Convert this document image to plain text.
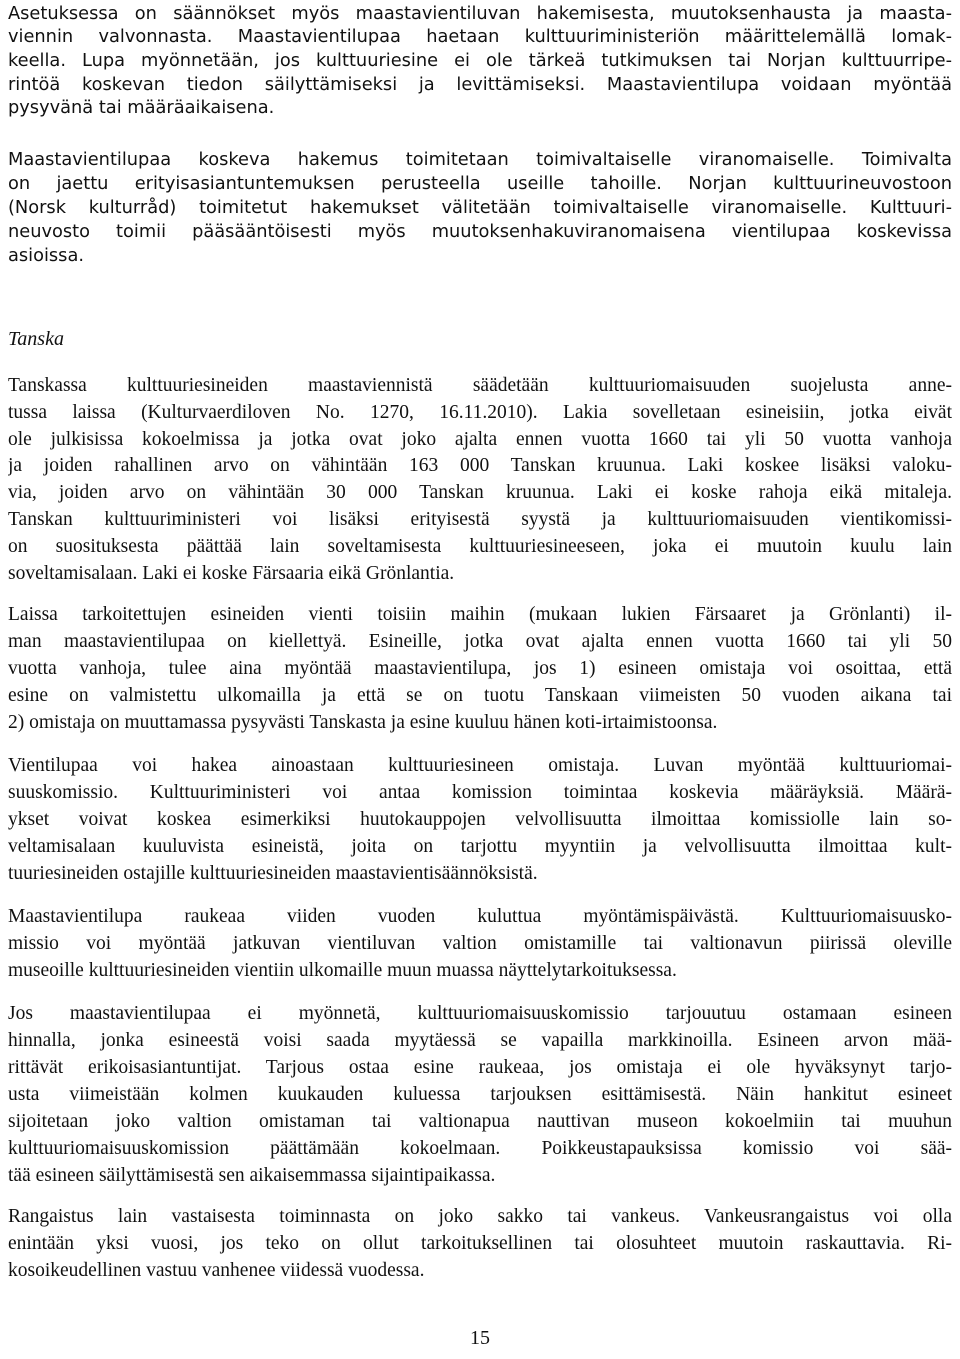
Asetuksessa on säännökset myös maastavientiluvan hakemisesta, muutoksenhausta ja maasta-
viennin valvonnasta. Maastavientilupaa haetaan kulttuuriministeriön määrittelemällä lomak-
keella. Lupa myönnetään, jos kulttuuriesine ei ole tärkeä tutkimuksen tai Norjan kulttuurripe-
rintöä koskevan tiedon säilyttämiseksi ja levittämiseksi. Maastavientilupa voidaan myöntää
pysyvänä tai määräaikaisena.
Maastavientilupaa koskeva hakemus toimitetaan toimivaltaiselle viranomaiselle. Toimivalta
on jaettu erityisasiantuntemuksen perusteella useille tahoille. Norjan kulttuurineuvostoon
(Norsk kulturråd) toimitetut hakemukset välitetään toimivaltaiselle viranomaiselle. Kulttuuri-
neuvosto toimii pääsääntöisesti myös muutoksenhakuviranomaisena vientilupaa koskevissa
asioissa.
Tanska
Tanskassa kulttuuriesineiden maastaviennistä säädetään kulttuuriomaisuuden suojelusta anne-
tussa laissa (Kulturvaerdiloven No. 1270, 16.11.2010). Lakia sovelletaan esineisiin, jotka eivät
ole julkisissa kokoelmissa ja jotka ovat joko ajalta ennen vuotta 1660 tai yli 50 vuotta vanhoja
ja joiden rahallinen arvo on vähintään 163 000 Tanskan kruunua. Laki koskee lisäksi valoku-
via, joiden arvo on vähintään 30 000 Tanskan kruunua. Laki ei koske rahoja eikä mitaleja.
Tanskan kulttuuriministeri voi lisäksi erityisestä syystä ja kulttuuriomaisuuden vientikomissi-
on suosituksesta päättää lain soveltamisesta kulttuuriesineeseen, joka ei muutoin kuulu lain
soveltamisalaan. Laki ei koske Färsaaria eikä Grönlantia.
Laissa tarkoitettujen esineiden vienti toisiin maihin (mukaan lukien Färsaaret ja Grönlanti) il-
man maastavientilupaa on kiellettyä. Esineille, jotka ovat ajalta ennen vuotta 1660 tai yli 50
vuotta vanhoja, tulee aina myöntää maastavientilupa, jos 1) esineen omistaja voi osoittaa, että
esine on valmistettu ulkomailla ja että se on tuotu Tanskaan viimeisten 50 vuoden aikana tai
2) omistaja on muuttamassa pysyvästi Tanskasta ja esine kuuluu hänen koti-irtaimistoonsa.
Vientilupaa voi hakea ainoastaan kulttuuriesineen omistaja. Luvan myöntää kulttuuriomai-
suuskomissio. Kulttuuriministeri voi antaa komission toimintaa koskevia määräyksiä. Määrä-
ykset voivat koskea esimerkiksi huutokauppojen velvollisuutta ilmoittaa komissiolle lain so-
veltamisalaan kuuluvista esineistä, joita on tarjottu myyntiin ja velvollisuutta ilmoittaa kult-
tuuriesineiden ostajille kulttuuriesineiden maastavientisäännöksistä.
Maastavientilupa raukeaa viiden vuoden kuluttua myöntämispäivästä. Kulttuuriomaisuusko-
missio voi myöntää jatkuvan vientiluvan valtion omistamille tai valtionavun piirissä oleville
museoille kulttuuriesineiden vientiin ulkomaille muun muassa näyttelytarkoituksessa.
Jos maastavientilupaa ei myönnetä, kulttuuriomaisuuskomissio tarjouutuu ostamaan esineen
hinnalla, jonka esineestä voisi saada myytäessä se vapailla markkinoilla. Esineen arvon mää-
rittävät erikoisasiantuntijat. Tarjous ostaa esine raukeaa, jos omistaja ei ole hyväksynyt tarjo-
usta viimeistään kolmen kuukauden kuluessa tarjouksen esittämisestä. Näin hankitut esineet
sijoitetaan joko valtion omistaman tai valtionapua nauttivan museon kokoelmiin tai muuhun
kulttuuriomaisuuskomission päättämään kokoelmaan. Poikkeustapauksissa komissio voi sää-
tää esineen säilyttämisestä sen aikaisemmassa sijaintipaikassa.
Rangaistus lain vastaisesta toiminnasta on joko sakko tai vankeus. Vankeusrangaistus voi olla
enintään yksi vuosi, jos teko on ollut tarkoituksellinen tai olosuhteet muutoin raskauttavia. Ri-
kosoikeudellinen vastuu vanhenee viidessä vuodessa.
15
